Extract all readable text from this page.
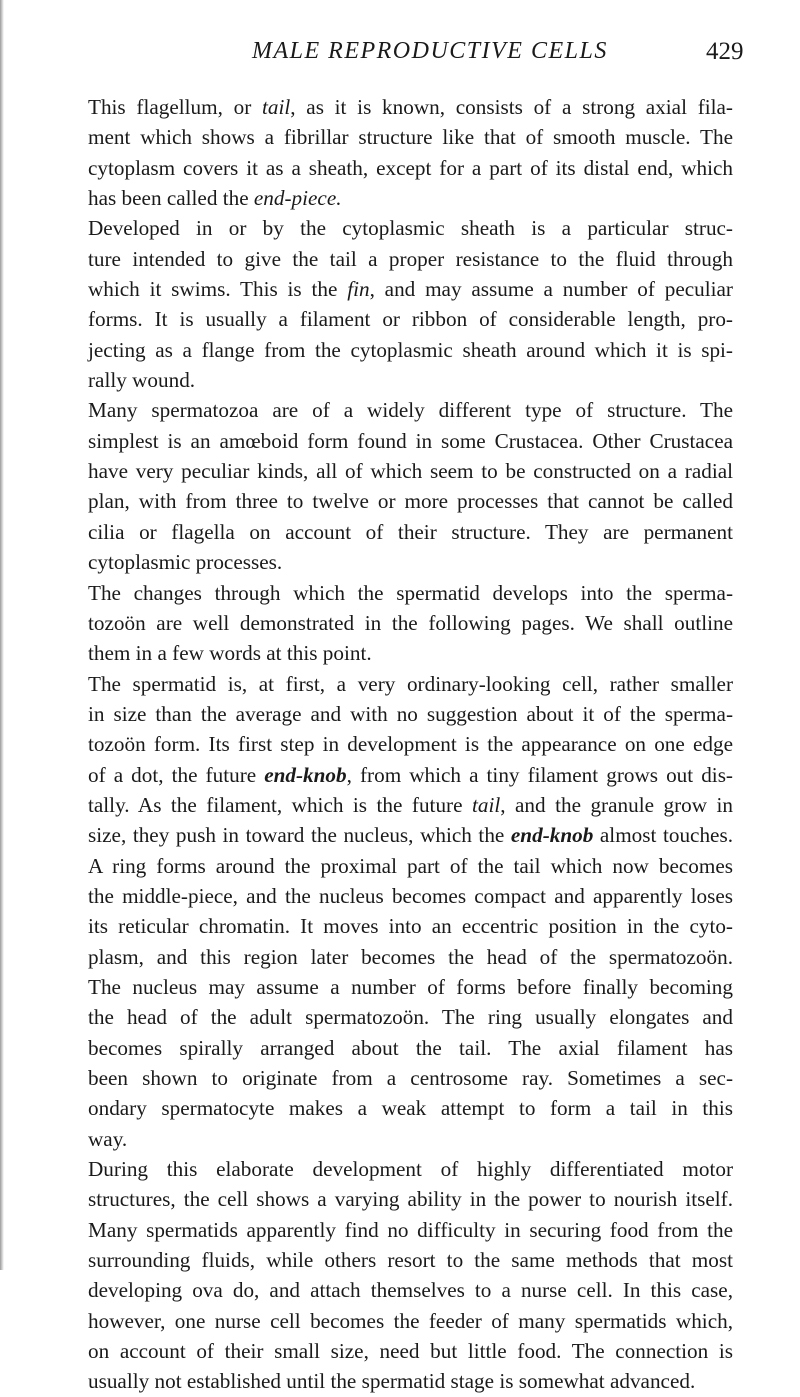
MALE REPRODUCTIVE CELLS	429
This flagellum, or tail, as it is known, consists of a strong axial fila-
ment which shows a fibrillar structure like that of smooth muscle. The
cytoplasm covers it as a sheath, except for a part of its distal end, which
has been called the end-piece.
Developed in or by the cytoplasmic sheath is a particular struc-
ture intended to give the tail a proper resistance to the fluid through
which it swims. This is the fin, and may assume a number of peculiar
forms. It is usually a filament or ribbon of considerable length, pro-
jecting as a flange from the cytoplasmic sheath around which it is spi-
rally wound.
Many spermatozoa are of a widely different type of structure. The
simplest is an amœboid form found in some Crustacea. Other Crustacea
have very peculiar kinds, all of which seem to be constructed on a radial
plan, with from three to twelve or more processes that cannot be called
cilia or flagella on account of their structure. They are permanent
cytoplasmic processes.
The changes through which the spermatid develops into the sperma-
tozoön are well demonstrated in the following pages. We shall outline
them in a few words at this point.
The spermatid is, at first, a very ordinary-looking cell, rather smaller
in size than the average and with no suggestion about it of the sperma-
tozoön form. Its first step in development is the appearance on one edge
of a dot, the future end-knob, from which a tiny filament grows out dis-
tally. As the filament, which is the future tail, and the granule grow in
size, they push in toward the nucleus, which the end-knob almost touches.
A ring forms around the proximal part of the tail which now becomes
the middle-piece, and the nucleus becomes compact and apparently loses
its reticular chromatin. It moves into an eccentric position in the cyto-
plasm, and this region later becomes the head of the spermatozoön.
The nucleus may assume a number of forms before finally becoming
the head of the adult spermatozoön. The ring usually elongates and
becomes spirally arranged about the tail. The axial filament has
been shown to originate from a centrosome ray. Sometimes a sec-
ondary spermatocyte makes a weak attempt to form a tail in this
way.
During this elaborate development of highly differentiated motor
structures, the cell shows a varying ability in the power to nourish itself.
Many spermatids apparently find no difficulty in securing food from the
surrounding fluids, while others resort to the same methods that most
developing ova do, and attach themselves to a nurse cell. In this case,
however, one nurse cell becomes the feeder of many spermatids which,
on account of their small size, need but little food. The connection is
usually not established until the spermatid stage is somewhat advanced.
